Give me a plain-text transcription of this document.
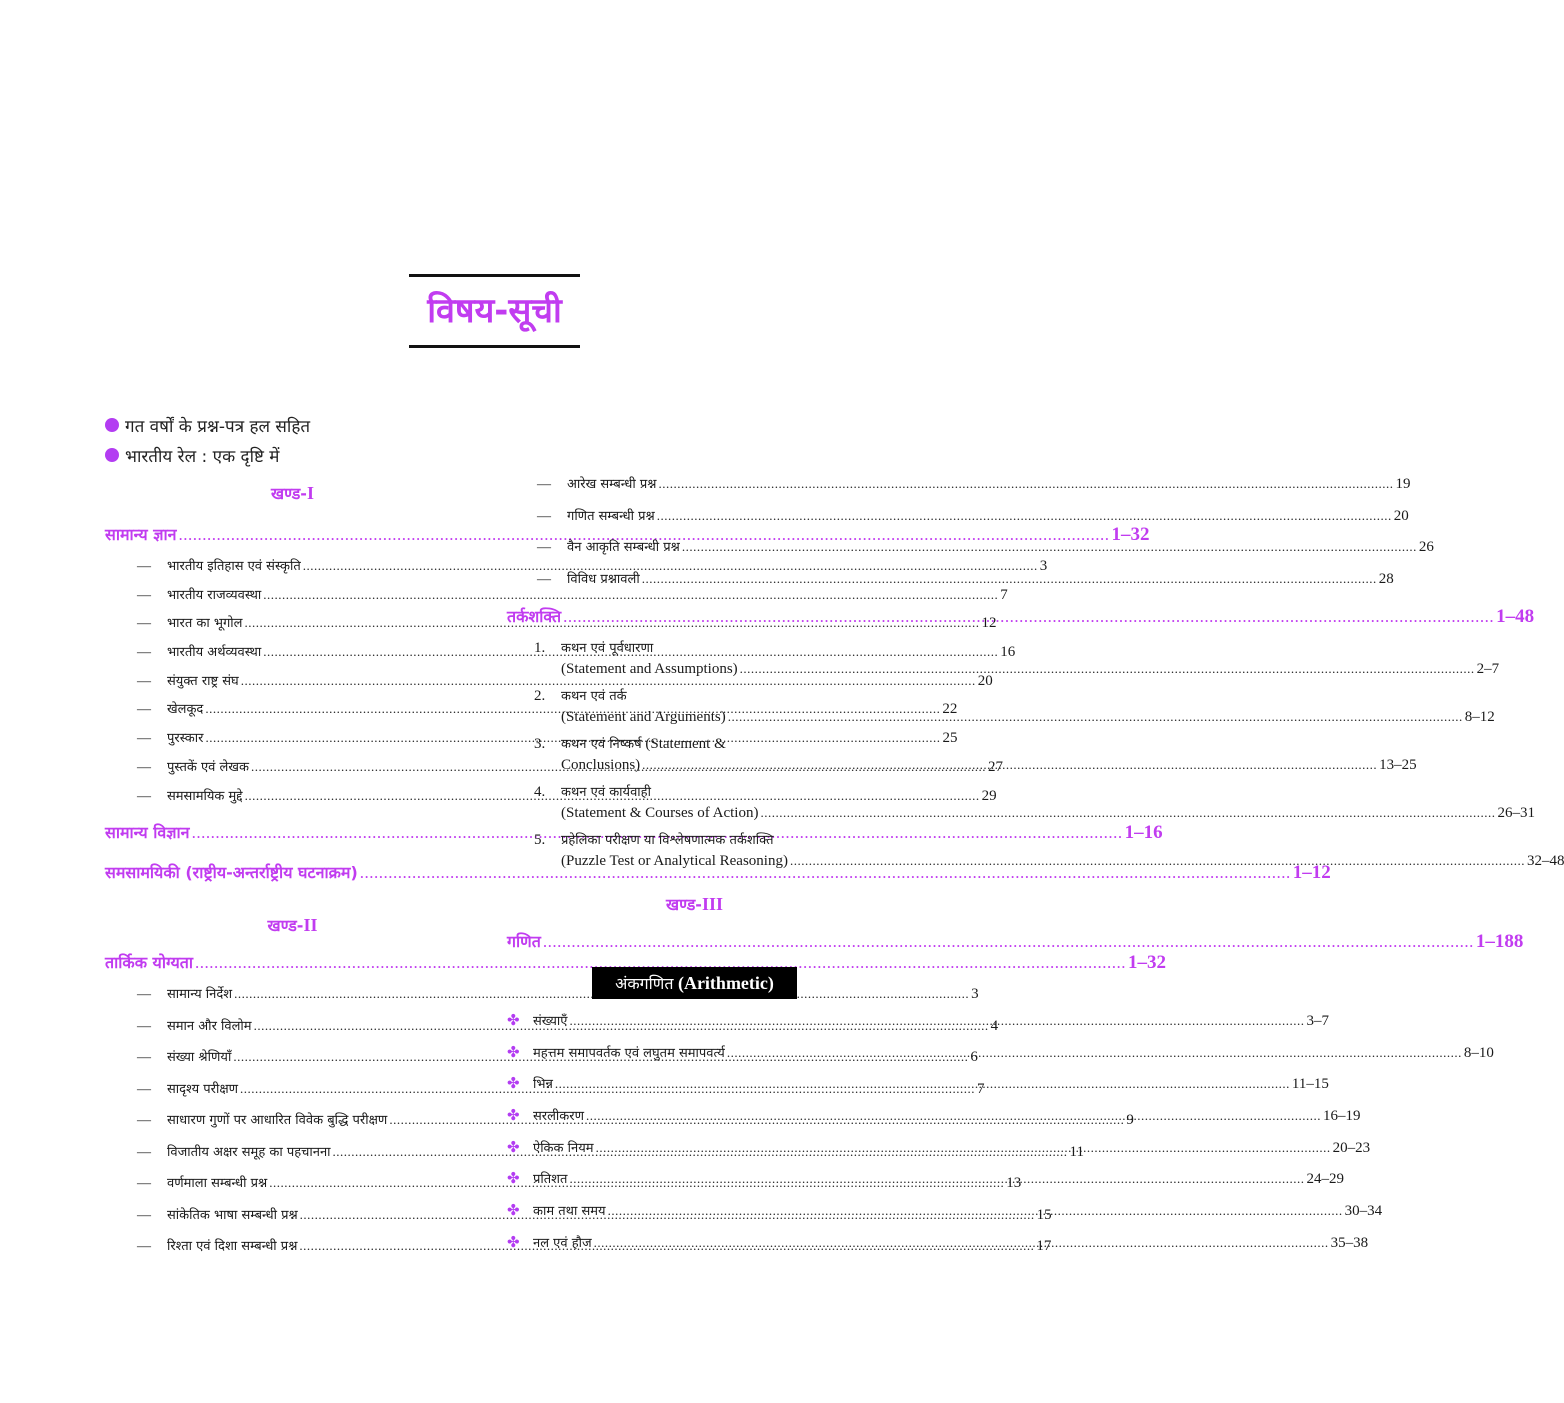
विषय-सूची
गत वर्षों के प्रश्न-पत्र हल सहित
भारतीय रेल : एक दृष्टि में
खण्ड-I
सामान्य ज्ञान .....	1–32
—	भारतीय इतिहास एवं संस्कृति .....	3
—	भारतीय राजव्यवस्था .....	7
—	भारत का भूगोल .....	12
—	भारतीय अर्थव्यवस्था .....	16
—	संयुक्त राष्ट्र संघ .....	20
—	खेलकूद .....	22
—	पुरस्कार .....	25
—	पुस्तकें एवं लेखक .....	27
—	समसामयिक मुद्दे .....	29
सामान्य विज्ञान .....	1–16
समसामयिकी (राष्ट्रीय-अन्तर्राष्ट्रीय घटनाक्रम) .....	1–12
खण्ड-II
तार्किक योग्यता .....	1–32
—	सामान्य निर्देश .....	3
—	समान और विलोम .....	4
—	संख्या श्रेणियाँ .....	6
—	सादृश्य परीक्षण .....	7
—	साधारण गुणों पर आधारित विवेक बुद्धि परीक्षण .....	9
—	विजातीय अक्षर समूह का पहचानना .....	11
—	वर्णमाला सम्बन्धी प्रश्न .....	13
—	सांकेतिक भाषा सम्बन्धी प्रश्न .....	15
—	रिश्ता एवं दिशा सम्बन्धी प्रश्न .....	17
—	आरेख सम्बन्धी प्रश्न .....	19
—	गणित सम्बन्धी प्रश्न .....	20
—	वैन आकृति सम्बन्धी प्रश्न .....	26
—	विविध प्रश्नावली .....	28
तर्कशक्ति .....	1–48
1.	कथन एवं पूर्वधारणा
(Statement and Assumptions) .....	2–7
2.	कथन एवं तर्क
(Statement and Arguments) .....	8–12
3.	कथन एवं निष्कर्ष (Statement &
Conclusions) .....	13–25
4.	कथन एवं कार्यवाही
(Statement & Courses of Action) .....	26–31
5.	प्रहेलिका परीक्षण या विश्लेषणात्मक तर्कशक्ति
(Puzzle Test or Analytical Reasoning) .....	32–48
खण्ड-III
गणित .....	1–188
अंकगणित (Arithmetic)
✤	संख्याएँ .....	3–7
✤	महत्तम समापवर्तक एवं लघुतम समापवर्त्य .....	8–10
✤	भिन्न .....	11–15
✤	सरलीकरण .....	16–19
✤	ऐकिक नियम .....	20–23
✤	प्रतिशत .....	24–29
✤	काम तथा समय .....	30–34
✤	नल एवं हौज .....	35–38
